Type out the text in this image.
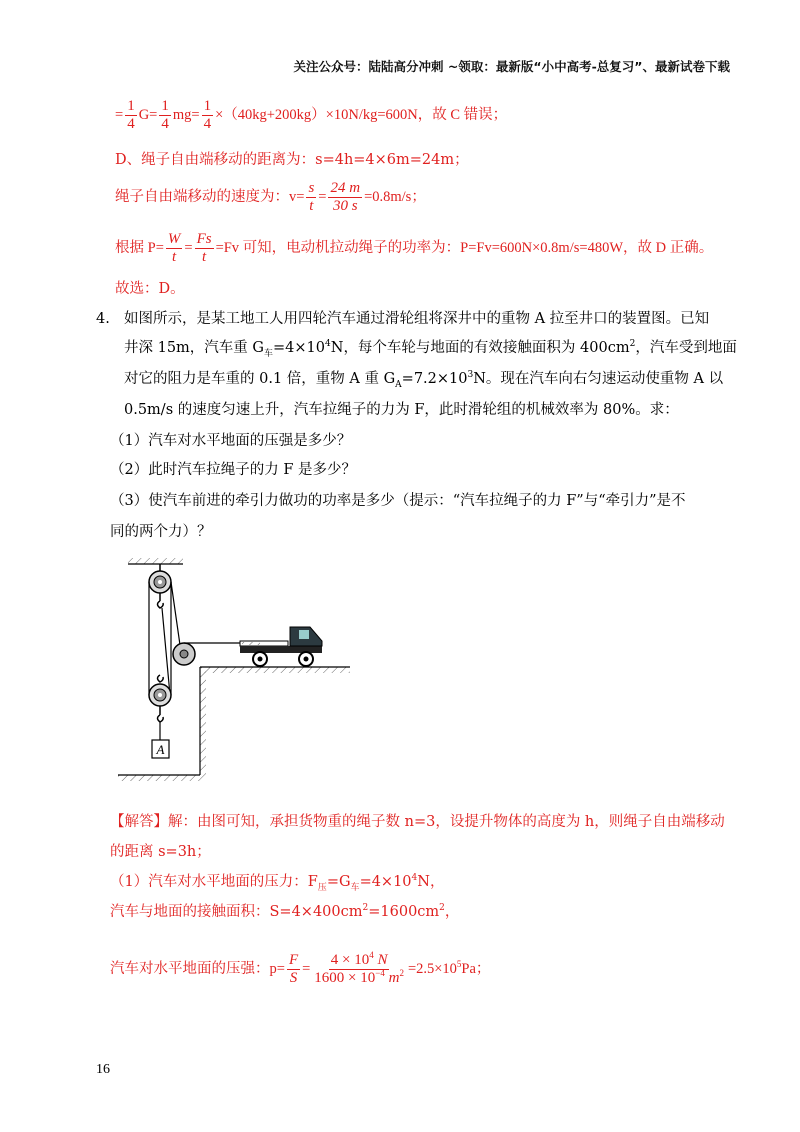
关注公众号：陆陆高分冲刺 ~领取：最新版“小中高考-总复习”、最新试卷下载
= $\frac{1}{4} G= \frac{1}{4} mg= \frac{1}{4} \times(40kg+200kg)\times 10N/kg=600N$，故 C 错误；
D、绳子自由端移动的距离为：s=4h=4×6m=24m；
绳子自由端移动的速度为：$v= \frac{s}{t} = \frac{24 m}{30 s} =0.8m/s$；
根据 $P= \frac{W}{t} = \frac{Fs}{t} =Fv$ 可知，电动机拉动绳子的功率为：P=Fv=600N×0.8m/s=480W，故 D 正确。
故选：D。
4. 如图所示，是某工地工人用四轮汽车通过滑轮组将深井中的重物 A 拉至井口的装置图。已知
井深 15m，汽车重 $G_车=4\times 10^4N$，每个车轮与地面的有效接触面积为 $400cm^2$，汽车受到地面
对它的阻力是车重的 0.1 倍，重物 A 重 $G_A=7.2\times 10^3N$。现在汽车向右匀速运动使重物 A 以
0.5m/s 的速度匀速上升，汽车拉绳子的力为 F，此时滑轮组的机械效率为 80%。求：
（1）汽车对水平地面的压强是多少？
（2）此时汽车拉绳子的力 F 是多少？
（3）使汽车前进的牵引力做功的功率是多少（提示：“汽车拉绳子的力 F”与“牵引力”是不
同的两个力）？
A
【解答】解：由图可知，承担货物重的绳子数 n=3，设提升物体的高度为 h，则绳子自由端移动
的距离 s=3h；
（1）汽车对水平地面的压力：$F_压=G_车=4\times 10^4N$，
汽车与地面的接触面积：$S=4\times 400cm^2=1600cm^2$，
汽车对水平地面的压强：$p= \frac{F}{S} = \frac{4 \times 10^4 N}{1600 \times 10^{-4} m^2} =2.5\times 10^5Pa$；
16
